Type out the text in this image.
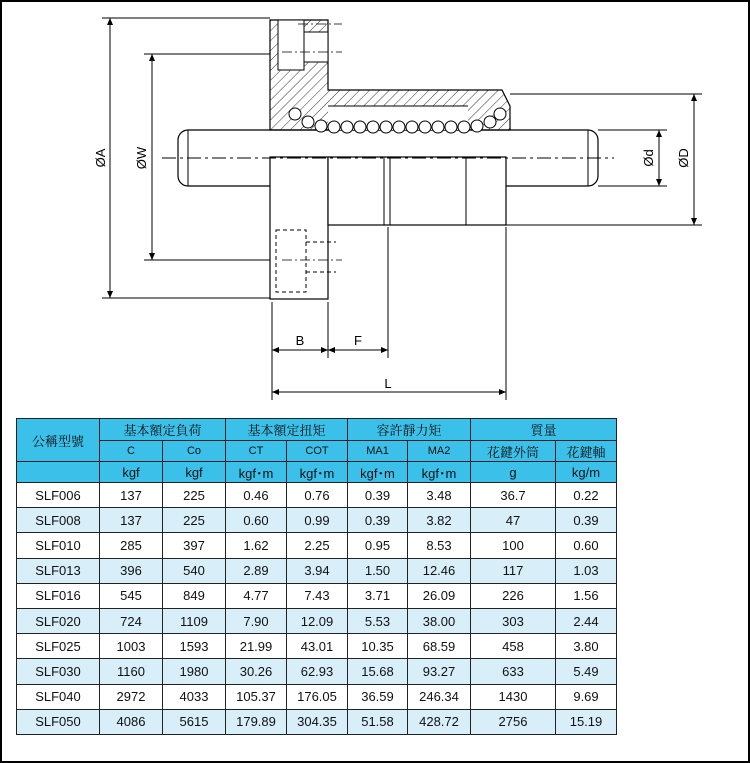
ØA ØW	Ød ØD
B	F
L
公稱型號	基本額定負荷		基本額定扭矩		容許靜力矩		質量	
	C	Co	CT	COT	MA1	MA2	花鍵外筒	花鍵軸
	kgf	kgf	kgf･m	kgf･m	kgf･m	kgf･m	g	kg/m
SLF006	137	225	0.46	0.76	0.39	3.48	36.7	0.22
SLF008	137	225	0.60	0.99	0.39	3.82	47	0.39
SLF010	285	397	1.62	2.25	0.95	8.53	100	0.60
SLF013	396	540	2.89	3.94	1.50	12.46	117	1.03
SLF016	545	849	4.77	7.43	3.71	26.09	226	1.56
SLF020	724	1109	7.90	12.09	5.53	38.00	303	2.44
SLF025	1003	1593	21.99	43.01	10.35	68.59	458	3.80
SLF030	1160	1980	30.26	62.93	15.68	93.27	633	5.49
SLF040	2972	4033	105.37	176.05	36.59	246.34	1430	9.69
SLF050	4086	5615	179.89	304.35	51.58	428.72	2756	15.19
